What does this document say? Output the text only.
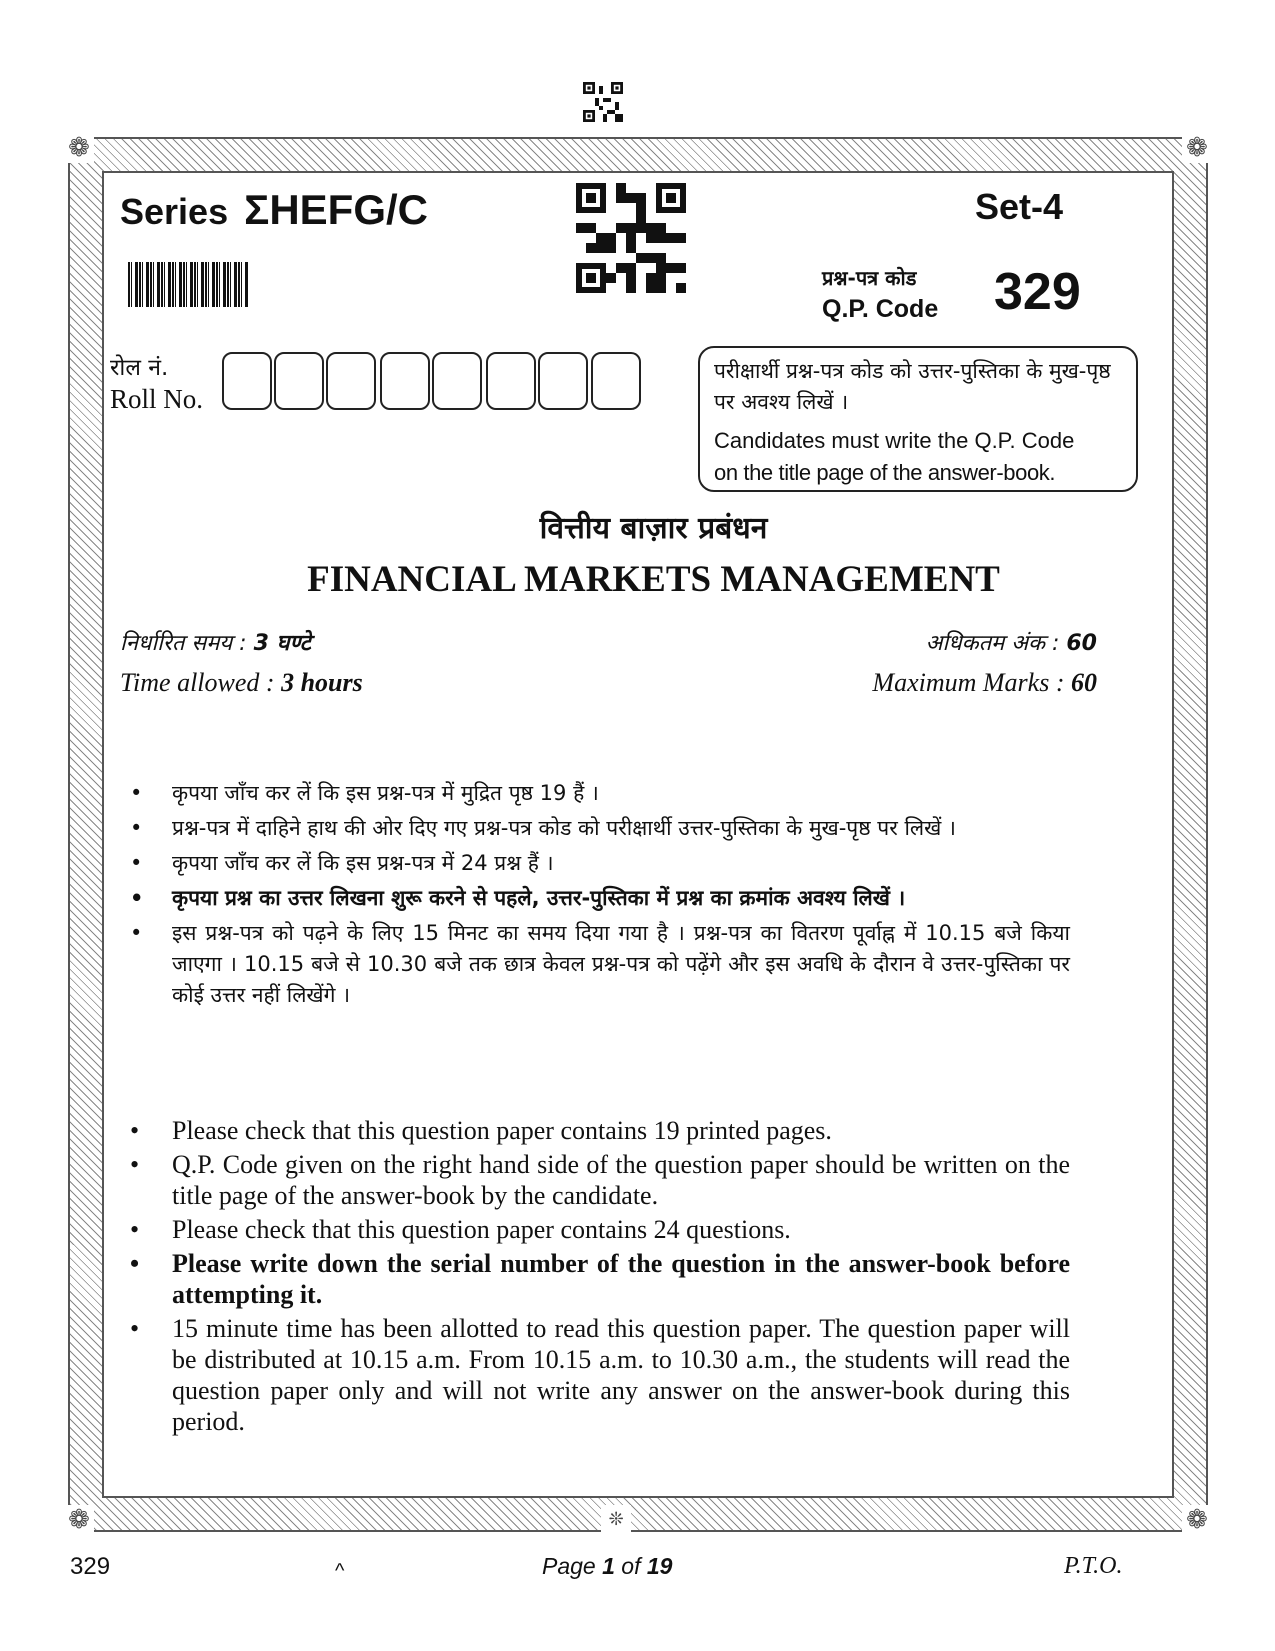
❁	❁
❁	❁
❊
Series ΣHEFG/C	Set-4
प्रश्न-पत्र कोड
Q.P. Code 329
रोल नं.
Roll No.
परीक्षार्थी प्रश्न-पत्र कोड को उत्तर-पुस्तिका के मुख-पृष्ठ पर अवश्य लिखें ।
Candidates must write the Q.P. Code
on the title page of the answer-book.
वित्तीय बाज़ार प्रबंधन
FINANCIAL MARKETS MANAGEMENT
निर्धारित समय : 3 घण्टे
Time allowed : 3 hours
अधिकतम अंक : 60
Maximum Marks : 60
• कृपया जाँच कर लें कि इस प्रश्न-पत्र में मुद्रित पृष्ठ 19 हैं ।
• प्रश्न-पत्र में दाहिने हाथ की ओर दिए गए प्रश्न-पत्र कोड को परीक्षार्थी उत्तर-पुस्तिका के मुख-पृष्ठ पर लिखें ।
• कृपया जाँच कर लें कि इस प्रश्न-पत्र में 24 प्रश्न हैं ।
• कृपया प्रश्न का उत्तर लिखना शुरू करने से पहले, उत्तर-पुस्तिका में प्रश्न का क्रमांक अवश्य लिखें ।
• इस प्रश्न-पत्र को पढ़ने के लिए 15 मिनट का समय दिया गया है । प्रश्न-पत्र का वितरण पूर्वाह्न में 10.15 बजे किया जाएगा । 10.15 बजे से 10.30 बजे तक छात्र केवल प्रश्न-पत्र को पढ़ेंगे और इस अवधि के दौरान वे उत्तर-पुस्तिका पर कोई उत्तर नहीं लिखेंगे ।
• Please check that this question paper contains 19 printed pages.
• Q.P. Code given on the right hand side of the question paper should be written on the title page of the answer-book by the candidate.
• Please check that this question paper contains 24 questions.
• Please write down the serial number of the question in the answer-book before attempting it.
• 15 minute time has been allotted to read this question paper. The question paper will be distributed at 10.15 a.m. From 10.15 a.m. to 10.30 a.m., the students will read the question paper only and will not write any answer on the answer-book during this period.
329	^	Page 1 of 19	P.T.O.
